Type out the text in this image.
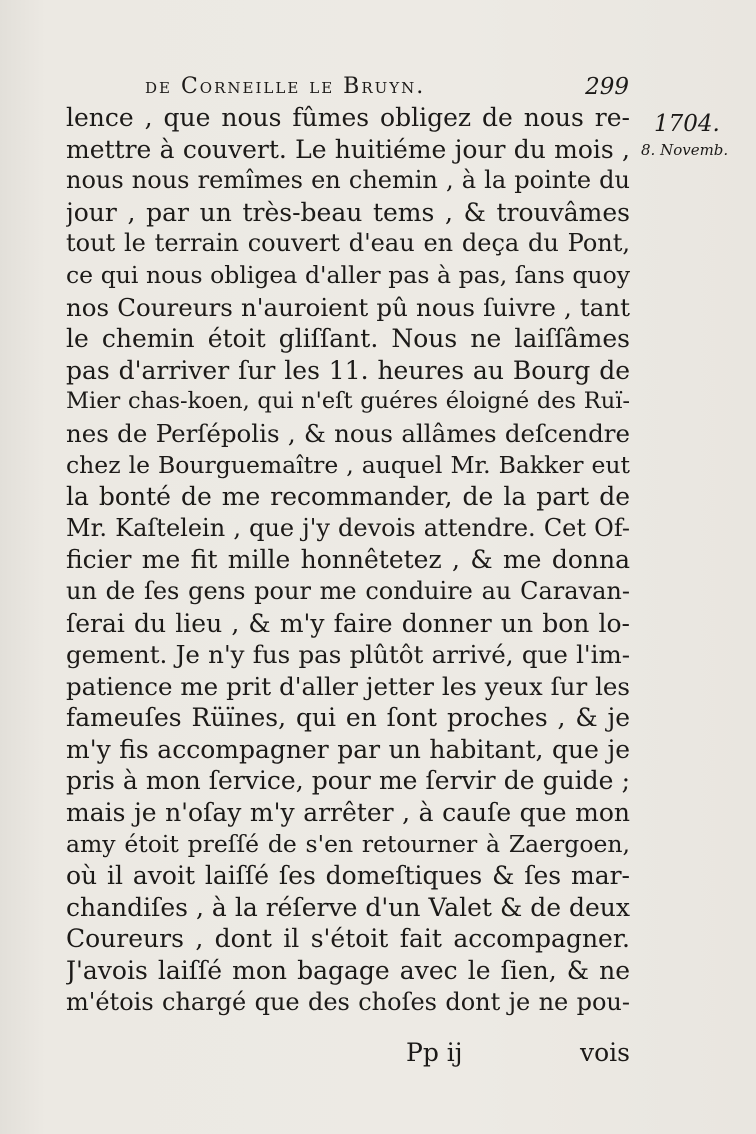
de Corneille le Bruyn.	299
1704.
8. Novemb.
lence , que nous fûmes obligez de nous re-
mettre à couvert. Le huitiéme jour du mois ,
nous nous remîmes en chemin , à la pointe du
jour , par un très-beau tems , & trouvâmes
tout le terrain couvert d'eau en deça du Pont,
ce qui nous obligea d'aller pas à pas, ſans quoy
nos Coureurs n'auroient pû nous ſuivre , tant
le chemin étoit gliſſant. Nous ne laiſſâmes
pas d'arriver ſur les 11. heures au Bourg de
Mier chas-koen, qui n'eſt guéres éloigné des Ruï-
nes de Perſépolis , & nous allâmes deſcendre
chez le Bourguemaître , auquel Mr. Bakker eut
la bonté de me recommander, de la part de
Mr. Kaſtelein , que j'y devois attendre. Cet Of-
ficier me fit mille honnêtetez , & me donna
un de ſes gens pour me conduire au Caravan-
ſerai du lieu , & m'y faire donner un bon lo-
gement. Je n'y fus pas plûtôt arrivé, que l'im-
patience me prit d'aller jetter les yeux ſur les
fameuſes Rüïnes, qui en ſont proches , & je
m'y fis accompagner par un habitant, que je
pris à mon ſervice, pour me ſervir de guide ;
mais je n'oſay m'y arrêter , à cauſe que mon
amy étoit preſſé de s'en retourner à Zaergoen,
où il avoit laiſſé ſes domeſtiques & ſes mar-
chandiſes , à la réſerve d'un Valet & de deux
Coureurs , dont il s'étoit fait accompagner.
J'avois laiſſé mon bagage avec le ſien, & ne
m'étois chargé que des choſes dont je ne pou-
Pp ij	vois
